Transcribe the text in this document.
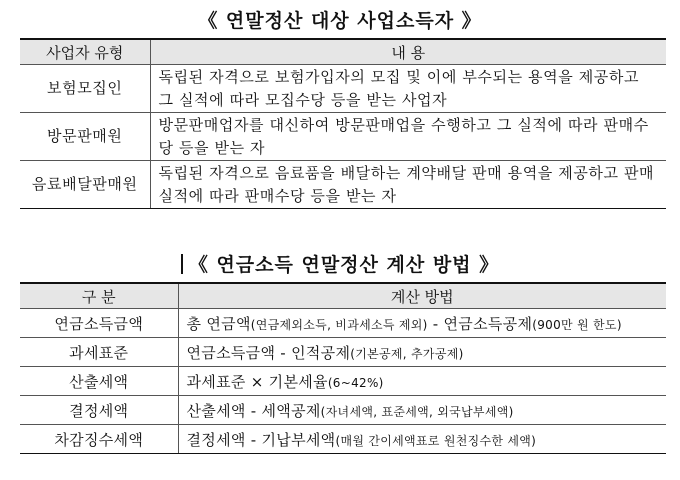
《 연말정산 대상 사업소득자 》
사업자 유형	내 용
보험모집인	독립된 자격으로 보험가입자의 모집 및 이에 부수되는 용역을 제공하고 그 실적에 따라 모집수당 등을 받는 사업자
방문판매원	방문판매업자를 대신하여 방문판매업을 수행하고 그 실적에 따라 판매수당 등을 받는 자
음료배달판매원	독립된 자격으로 음료품을 배달하는 계약배달 판매 용역을 제공하고 판매실적에 따라 판매수당 등을 받는 자
《 연금소득 연말정산 계산 방법 》
구 분	계산 방법
연금소득금액	총 연금액(연금제외소득, 비과세소득 제외) - 연금소득공제(900만 원 한도)
과세표준	연금소득금액 - 인적공제(기본공제, 추가공제)
산출세액	과세표준 × 기본세율(6~42%)
결정세액	산출세액 - 세액공제(자녀세액, 표준세액, 외국납부세액)
차감징수세액	결정세액 - 기납부세액(매월 간이세액표로 원천징수한 세액)
